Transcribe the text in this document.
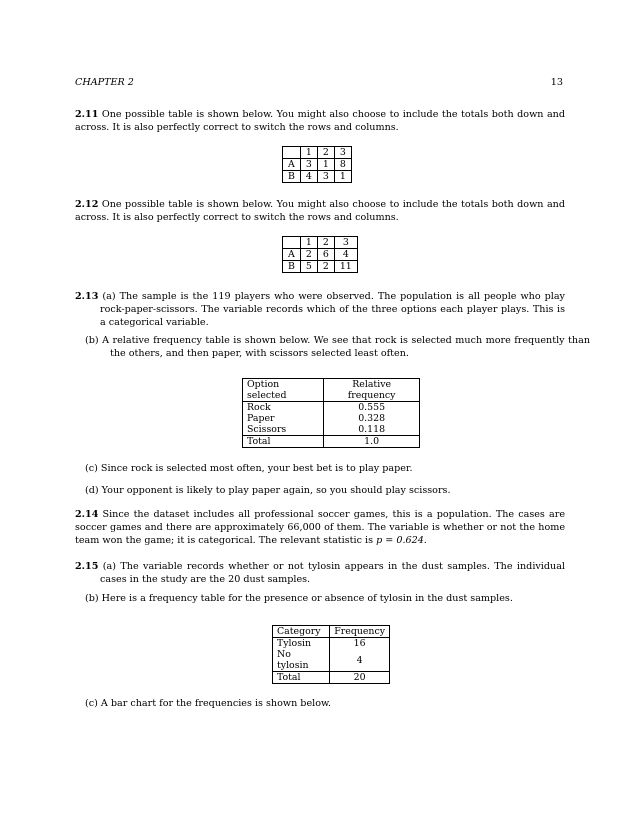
CHAPTER 2	13
2.11 One possible table is shown below. You might also choose to include the totals both down and across. It is also perfectly correct to switch the rows and columns.
	1	2	3
A	3	1	8
B	4	3	1
2.12 One possible table is shown below. You might also choose to include the totals both down and across. It is also perfectly correct to switch the rows and columns.
	1	2	3
A	2	6	4
B	5	2	11
2.13 (a) The sample is the 119 players who were observed. The population is all people who play rock-paper-scissors. The variable records which of the three options each player plays. This is a categorical variable.
(b) A relative frequency table is shown below. We see that rock is selected much more frequently than the others, and then paper, with scissors selected least often.
Option selected	Relative frequency
Rock	0.555
Paper	0.328
Scissors	0.118
Total	1.0
(c) Since rock is selected most often, your best bet is to play paper.
(d) Your opponent is likely to play paper again, so you should play scissors.
2.14 Since the dataset includes all professional soccer games, this is a population. The cases are soccer games and there are approximately 66,000 of them. The variable is whether or not the home team won the game; it is categorical. The relevant statistic is p = 0.624.
2.15 (a) The variable records whether or not tylosin appears in the dust samples. The individual cases in the study are the 20 dust samples.
(b) Here is a frequency table for the presence or absence of tylosin in the dust samples.
Category	Frequency
Tylosin	16
No tylosin	4
Total	20
(c) A bar chart for the frequencies is shown below.
